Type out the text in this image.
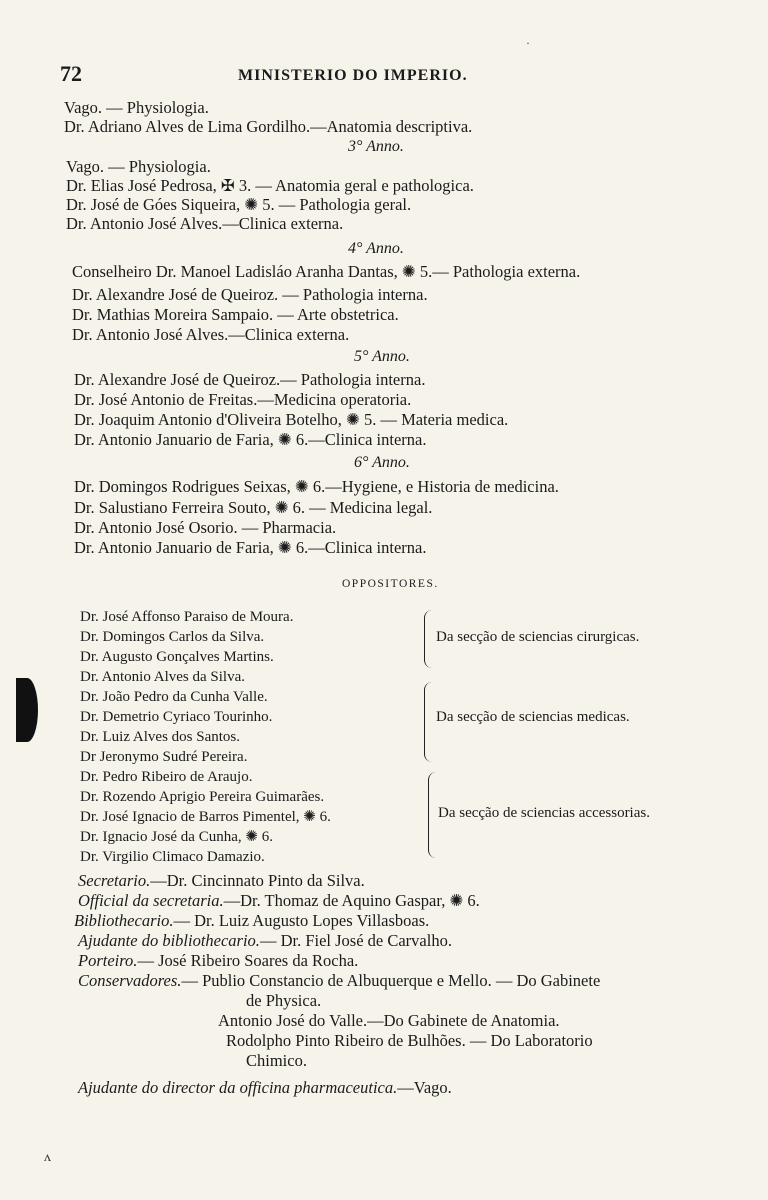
72	MINISTERIO DO IMPERIO.
Vago. — Physiologia.
Dr. Adriano Alves de Lima Gordilho.—Anatomia descriptiva.
3° Anno.
Vago. — Physiologia.
Dr. Elias José Pedrosa, ✠ 3. — Anatomia geral e pathologica.
Dr. José de Góes Siqueira, ✺ 5. — Pathologia geral.
Dr. Antonio José Alves.—Clinica externa.
4° Anno.
Conselheiro Dr. Manoel Ladisláo Aranha Dantas, ✺ 5.— Pathologia externa.
Dr. Alexandre José de Queiroz. — Pathologia interna.
Dr. Mathias Moreira Sampaio. — Arte obstetrica.
Dr. Antonio José Alves.—Clinica externa.
5° Anno.
Dr. Alexandre José de Queiroz.— Pathologia interna.
Dr. José Antonio de Freitas.—Medicina operatoria.
Dr. Joaquim Antonio d'Oliveira Botelho, ✺ 5. — Materia medica.
Dr. Antonio Januario de Faria, ✺ 6.—Clinica interna.
6° Anno.
Dr. Domingos Rodrigues Seixas, ✺ 6.—Hygiene, e Historia de medicina.
Dr. Salustiano Ferreira Souto, ✺ 6. — Medicina legal.
Dr. Antonio José Osorio. — Pharmacia.
Dr. Antonio Januario de Faria, ✺ 6.—Clinica interna.
OPPOSITORES.
Dr. José Affonso Paraiso de Moura.
Dr. Domingos Carlos da Silva.
Dr. Augusto Gonçalves Martins.
Dr. Antonio Alves da Silva.
Da secção de sciencias cirurgicas.
Dr. João Pedro da Cunha Valle.
Dr. Demetrio Cyriaco Tourinho.
Dr. Luiz Alves dos Santos.
Dr Jeronymo Sudré Pereira.
Da secção de sciencias medicas.
Dr. Pedro Ribeiro de Araujo.
Dr. Rozendo Aprigio Pereira Guimarães.
Dr. José Ignacio de Barros Pimentel, ✺ 6.
Dr. Ignacio José da Cunha, ✺ 6.
Dr. Virgilio Climaco Damazio.
Da secção de sciencias accessorias.
Secretario.—Dr. Cincinnato Pinto da Silva.
Official da secretaria.—Dr. Thomaz de Aquino Gaspar, ✺ 6.
Bibliothecario.— Dr. Luiz Augusto Lopes Villasboas.
Ajudante do bibliothecario.— Dr. Fiel José de Carvalho.
Porteiro.— José Ribeiro Soares da Rocha.
Conservadores.— Publio Constancio de Albuquerque e Mello. — Do Gabinete
de Physica.
Antonio José do Valle.—Do Gabinete de Anatomia.
Rodolpho Pinto Ribeiro de Bulhões. — Do Laboratorio
Chimico.
Ajudante do director da officina pharmaceutica.—Vago.
·
ʌ
